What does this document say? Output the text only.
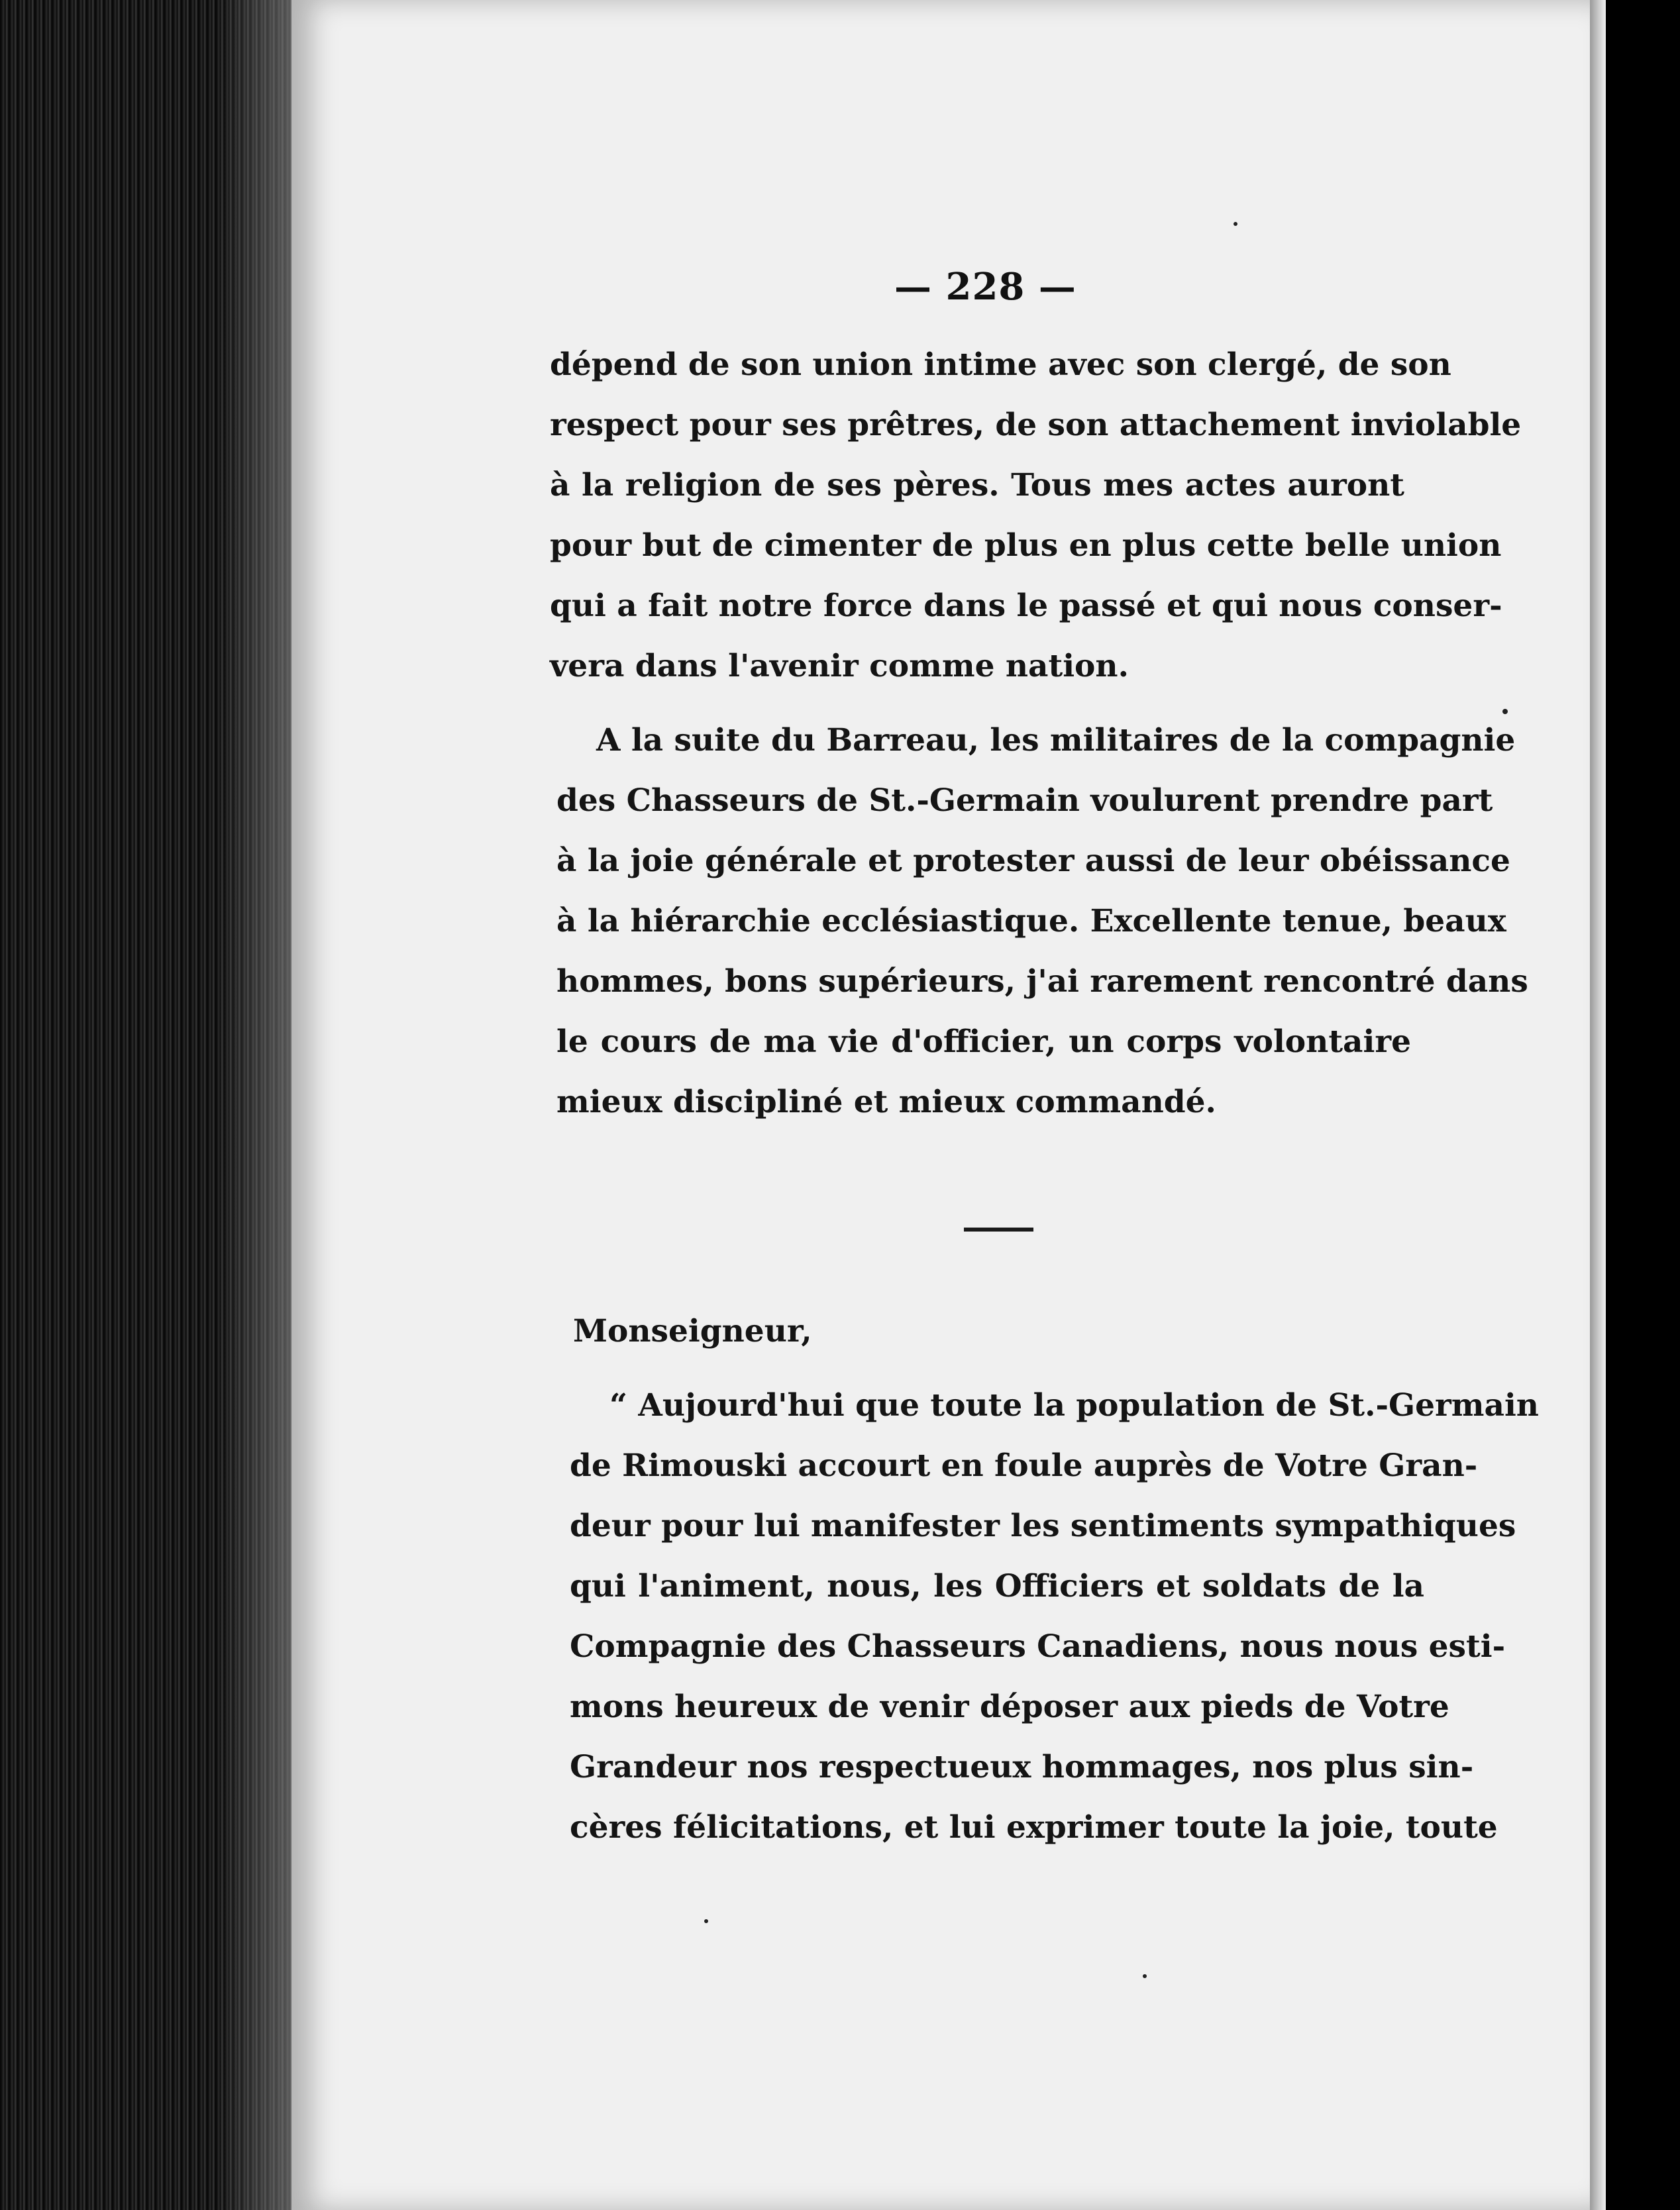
— 228 —
dépend de son union intime avec son clergé, de son
respect pour ses prêtres, de son attachement inviolable
à la religion de ses pères. Tous mes actes auront
pour but de cimenter de plus en plus cette belle union
qui a fait notre force dans le passé et qui nous conser-
vera dans l'avenir comme nation.
A la suite du Barreau, les militaires de la compagnie
des Chasseurs de St.-Germain voulurent prendre part
à la joie générale et protester aussi de leur obéissance
à la hiérarchie ecclésiastique. Excellente tenue, beaux
hommes, bons supérieurs, j'ai rarement rencontré dans
le cours de ma vie d'officier, un corps volontaire
mieux discipliné et mieux commandé.
Monseigneur,
“ Aujourd'hui que toute la population de St.-Germain
de Rimouski accourt en foule auprès de Votre Gran-
deur pour lui manifester les sentiments sympathiques
qui l'animent, nous, les Officiers et soldats de la
Compagnie des Chasseurs Canadiens, nous nous esti-
mons heureux de venir déposer aux pieds de Votre
Grandeur nos respectueux hommages, nos plus sin-
cères félicitations, et lui exprimer toute la joie, toute
